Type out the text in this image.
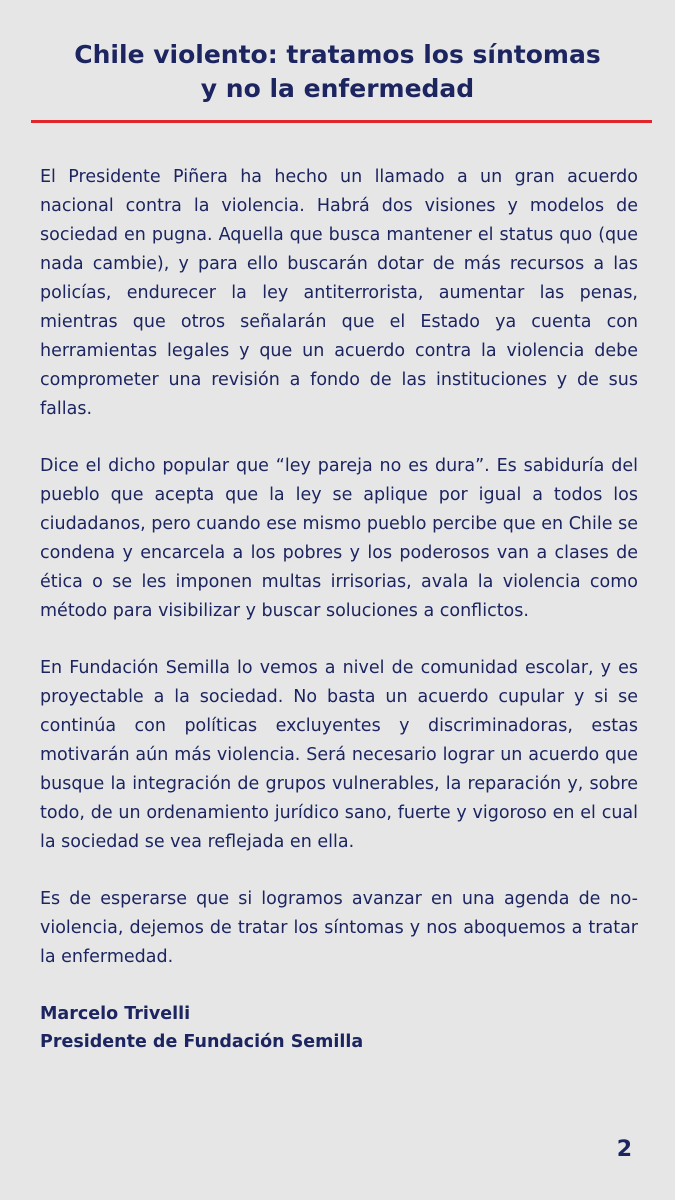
Chile violento: tratamos los síntomas
y no la enfermedad

El Presidente Piñera ha hecho un llamado a un gran acuerdo nacional contra la violencia. Habrá dos visiones y modelos de sociedad en pugna. Aquella que busca mantener el status quo (que nada cambie), y para ello buscarán dotar de más recursos a las policías, endurecer la ley antiterrorista, aumentar las penas, mientras que otros señalarán que el Estado ya cuenta con herramientas legales y que un acuerdo contra la violencia debe comprometer una revisión a fondo de las instituciones y de sus fallas.

Dice el dicho popular que “ley pareja no es dura”. Es sabiduría del pueblo que acepta que la ley se aplique por igual a todos los ciudadanos, pero cuando ese mismo pueblo percibe que en Chile se condena y encarcela a los pobres y los poderosos van a clases de ética o se les imponen multas irrisorias, avala la violencia como método para visibilizar y buscar soluciones a conflictos.

En Fundación Semilla lo vemos a nivel de comunidad escolar, y es proyectable a la sociedad. No basta un acuerdo cupular y si se continúa con políticas excluyentes y discriminadoras, estas motivarán aún más violencia. Será necesario lograr un acuerdo que busque la integración de grupos vulnerables, la reparación y, sobre todo, de un ordenamiento jurídico sano, fuerte y vigoroso en el cual la sociedad se vea reflejada en ella.

Es de esperarse que si logramos avanzar en una agenda de no-violencia, dejemos de tratar los síntomas y nos aboquemos a tratar la enfermedad.

Marcelo Trivelli
Presidente de Fundación Semilla
2
